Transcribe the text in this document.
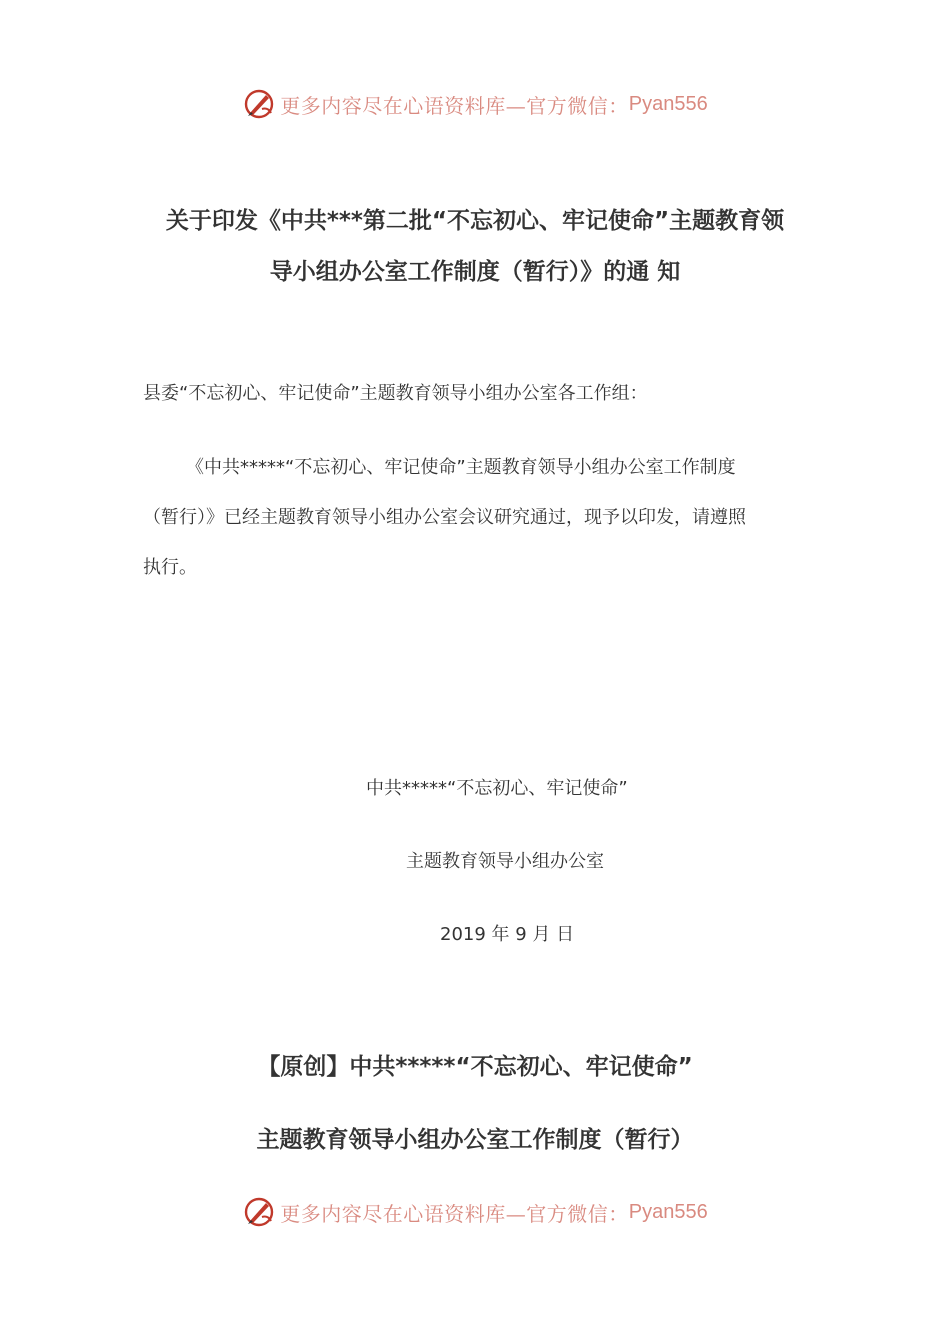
更多内容尽在心语资料库—官方微信： Pyan556
关于印发《中共***第二批“不忘初心、牢记使命”主题教育领
导小组办公室工作制度（暂行）》的通 知
县委“不忘初心、牢记使命”主题教育领导小组办公室各工作组：
《中共*****“不忘初心、牢记使命”主题教育领导小组办公室工作制度
（暂行）》已经主题教育领导小组办公室会议研究通过，现予以印发，请遵照
执行。
中共*****“不忘初心、牢记使命”
主题教育领导小组办公室
2019 年 9 月 日
【原创】中共*****“不忘初心、牢记使命”
主题教育领导小组办公室工作制度（暂行）
更多内容尽在心语资料库—官方微信： Pyan556
